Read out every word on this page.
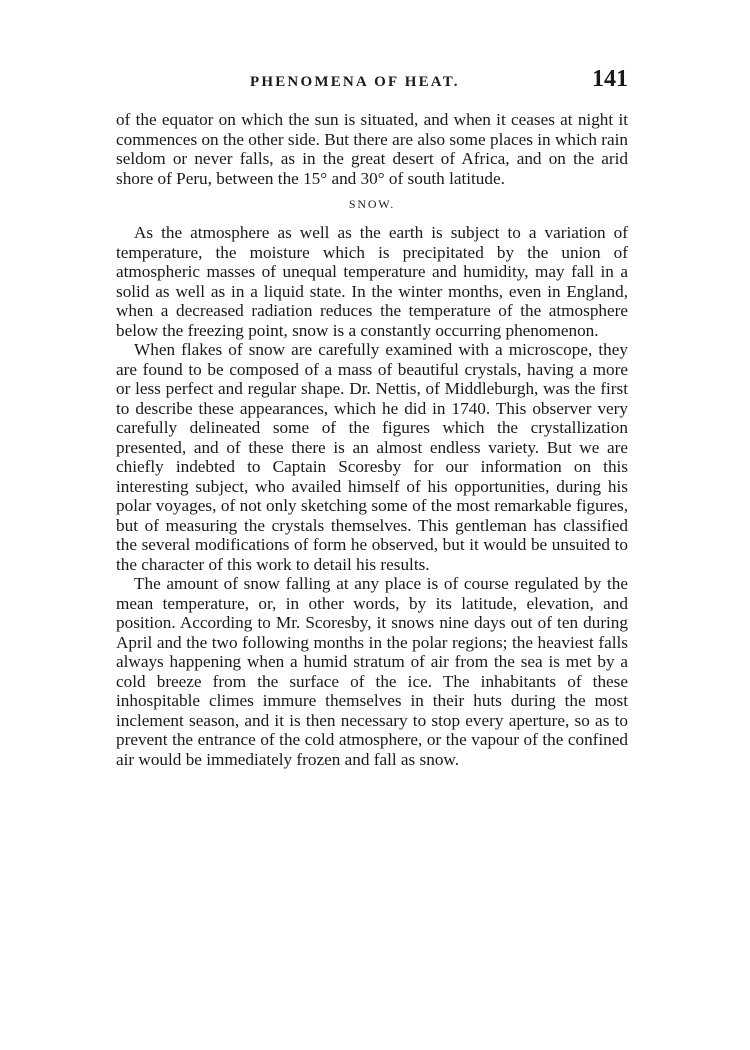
PHENOMENA OF HEAT.	141

of the equator on which the sun is situated, and when it ceases at night it commences on the other side. But there are also some places in which rain seldom or never falls, as in the great desert of Africa, and on the arid shore of Peru, between the 15° and 30° of south latitude.

SNOW.

As the atmosphere as well as the earth is subject to a variation of temperature, the moisture which is precipitated by the union of atmospheric masses of unequal temperature and humidity, may fall in a solid as well as in a liquid state. In the winter months, even in England, when a decreased radiation reduces the temperature of the atmosphere below the freezing point, snow is a constantly occurring phenomenon.

When flakes of snow are carefully examined with a microscope, they are found to be composed of a mass of beautiful crystals, having a more or less perfect and regular shape. Dr. Nettis, of Middleburgh, was the first to describe these appearances, which he did in 1740. This observer very carefully delineated some of the figures which the crystallization presented, and of these there is an almost endless variety. But we are chiefly indebted to Captain Scoresby for our information on this interesting subject, who availed himself of his opportunities, during his polar voyages, of not only sketching some of the most remarkable figures, but of measuring the crystals themselves. This gentleman has classified the several modifications of form he observed, but it would be unsuited to the character of this work to detail his results.

The amount of snow falling at any place is of course regulated by the mean temperature, or, in other words, by its latitude, elevation, and position. According to Mr. Scoresby, it snows nine days out of ten during April and the two following months in the polar regions; the heaviest falls always happening when a humid stratum of air from the sea is met by a cold breeze from the surface of the ice. The inhabitants of these inhospitable climes immure themselves in their huts during the most inclement season, and it is then necessary to stop every aperture, so as to prevent the entrance of the cold atmosphere, or the vapour of the confined air would be immediately frozen and fall as snow.
